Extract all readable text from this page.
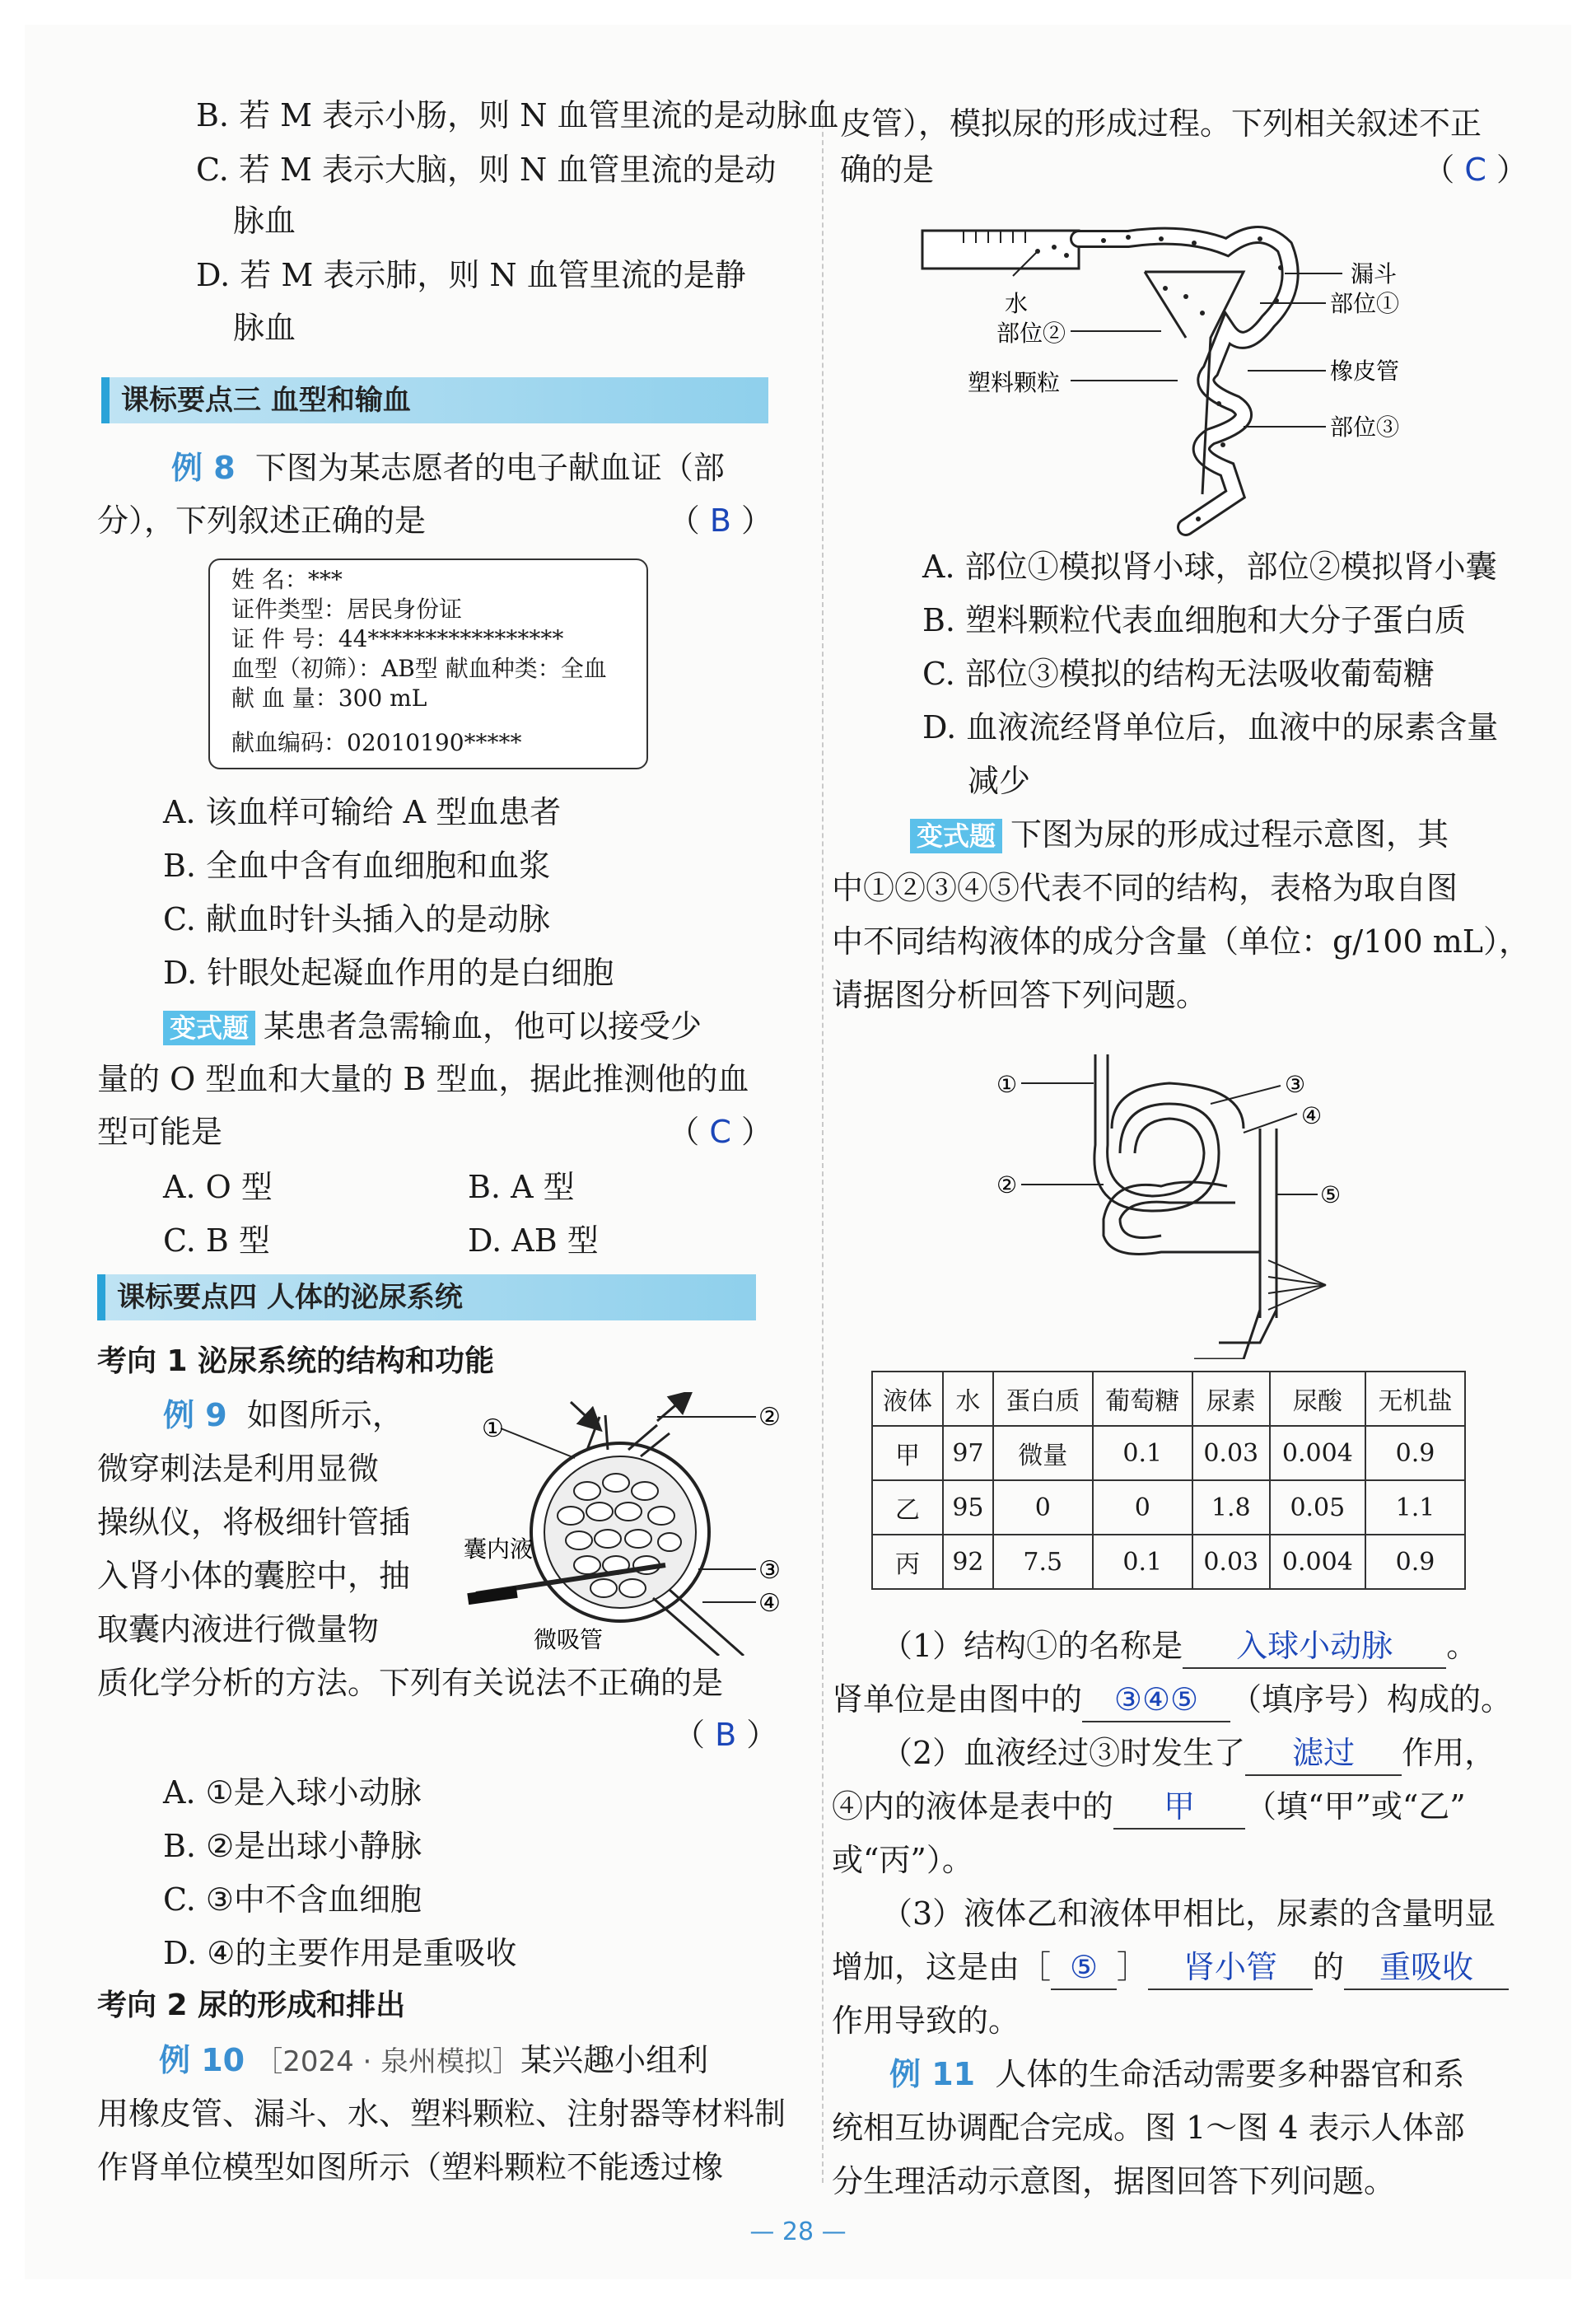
B. 若 M 表示小肠，则 N 血管里流的是动脉血
C. 若 M 表示大脑，则 N 血管里流的是动
脉血
D. 若 M 表示肺，则 N 血管里流的是静
脉血
课标要点三 血型和输血
例 8 下图为某志愿者的电子献血证（部
分），下列叙述正确的是	（ B ）
姓 名：***
证件类型：居民身份证
证 件 号：44*****************
血型（初筛）：AB型 献血种类：全血
献 血 量：300 mL
献血编码：02010190*****
A. 该血样可输给 A 型血患者
B. 全血中含有血细胞和血浆
C. 献血时针头插入的是动脉
D. 针眼处起凝血作用的是白细胞
变式题 某患者急需输血，他可以接受少
量的 O 型血和大量的 B 型血，据此推测他的血
型可能是	（ C ）
A. O 型	B. A 型
C. B 型	D. AB 型
课标要点四 人体的泌尿系统
考向 1 泌尿系统的结构和功能
例 9 如图所示，
微穿刺法是利用显微
操纵仪，将极细针管插
入肾小体的囊腔中，抽
取囊内液进行微量物
质化学分析的方法。下列有关说法不正确的是
（ B ）
①	②
③
④
囊内液
微吸管
A. ①是入球小动脉
B. ②是出球小静脉
C. ③中不含血细胞
D. ④的主要作用是重吸收
考向 2 尿的形成和排出
例 10 ［2024 · 泉州模拟］某兴趣小组利
用橡皮管、漏斗、水、塑料颗粒、注射器等材料制
作肾单位模型如图所示（塑料颗粒不能透过橡
皮管），模拟尿的形成过程。下列相关叙述不正
确的是	（ C ）
水
漏斗
部位①
部位②
橡皮管
塑料颗粒
部位③
A. 部位①模拟肾小球，部位②模拟肾小囊
B. 塑料颗粒代表血细胞和大分子蛋白质
C. 部位③模拟的结构无法吸收葡萄糖
D. 血液流经肾单位后，血液中的尿素含量
减少
变式题 下图为尿的形成过程示意图，其
中①②③④⑤代表不同的结构，表格为取自图
中不同结构液体的成分含量（单位：g/100 mL），
请据图分析回答下列问题。
①
②
③
④
⑤
液体	水	蛋白质	葡萄糖	尿素	尿酸	无机盐
甲	97	微量	0.1	0.03	0.004	0.9
乙	95	0	0	1.8	0.05	1.1
丙	92	7.5	0.1	0.03	0.004	0.9
（1）结构①的名称是 入球小动脉 。
肾单位是由图中的 ③④⑤ （填序号）构成的。
（2）血液经过③时发生了 滤过 作用，
④内的液体是表中的 甲 （填“甲”或“乙”
或“丙”）。
（3）液体乙和液体甲相比，尿素的含量明显
增加，这是由［ ⑤ ］ 肾小管 的 重吸收
作用导致的。
例 11 人体的生命活动需要多种器官和系
统相互协调配合完成。图 1～图 4 表示人体部
分生理活动示意图，据图回答下列问题。
— 28 —
